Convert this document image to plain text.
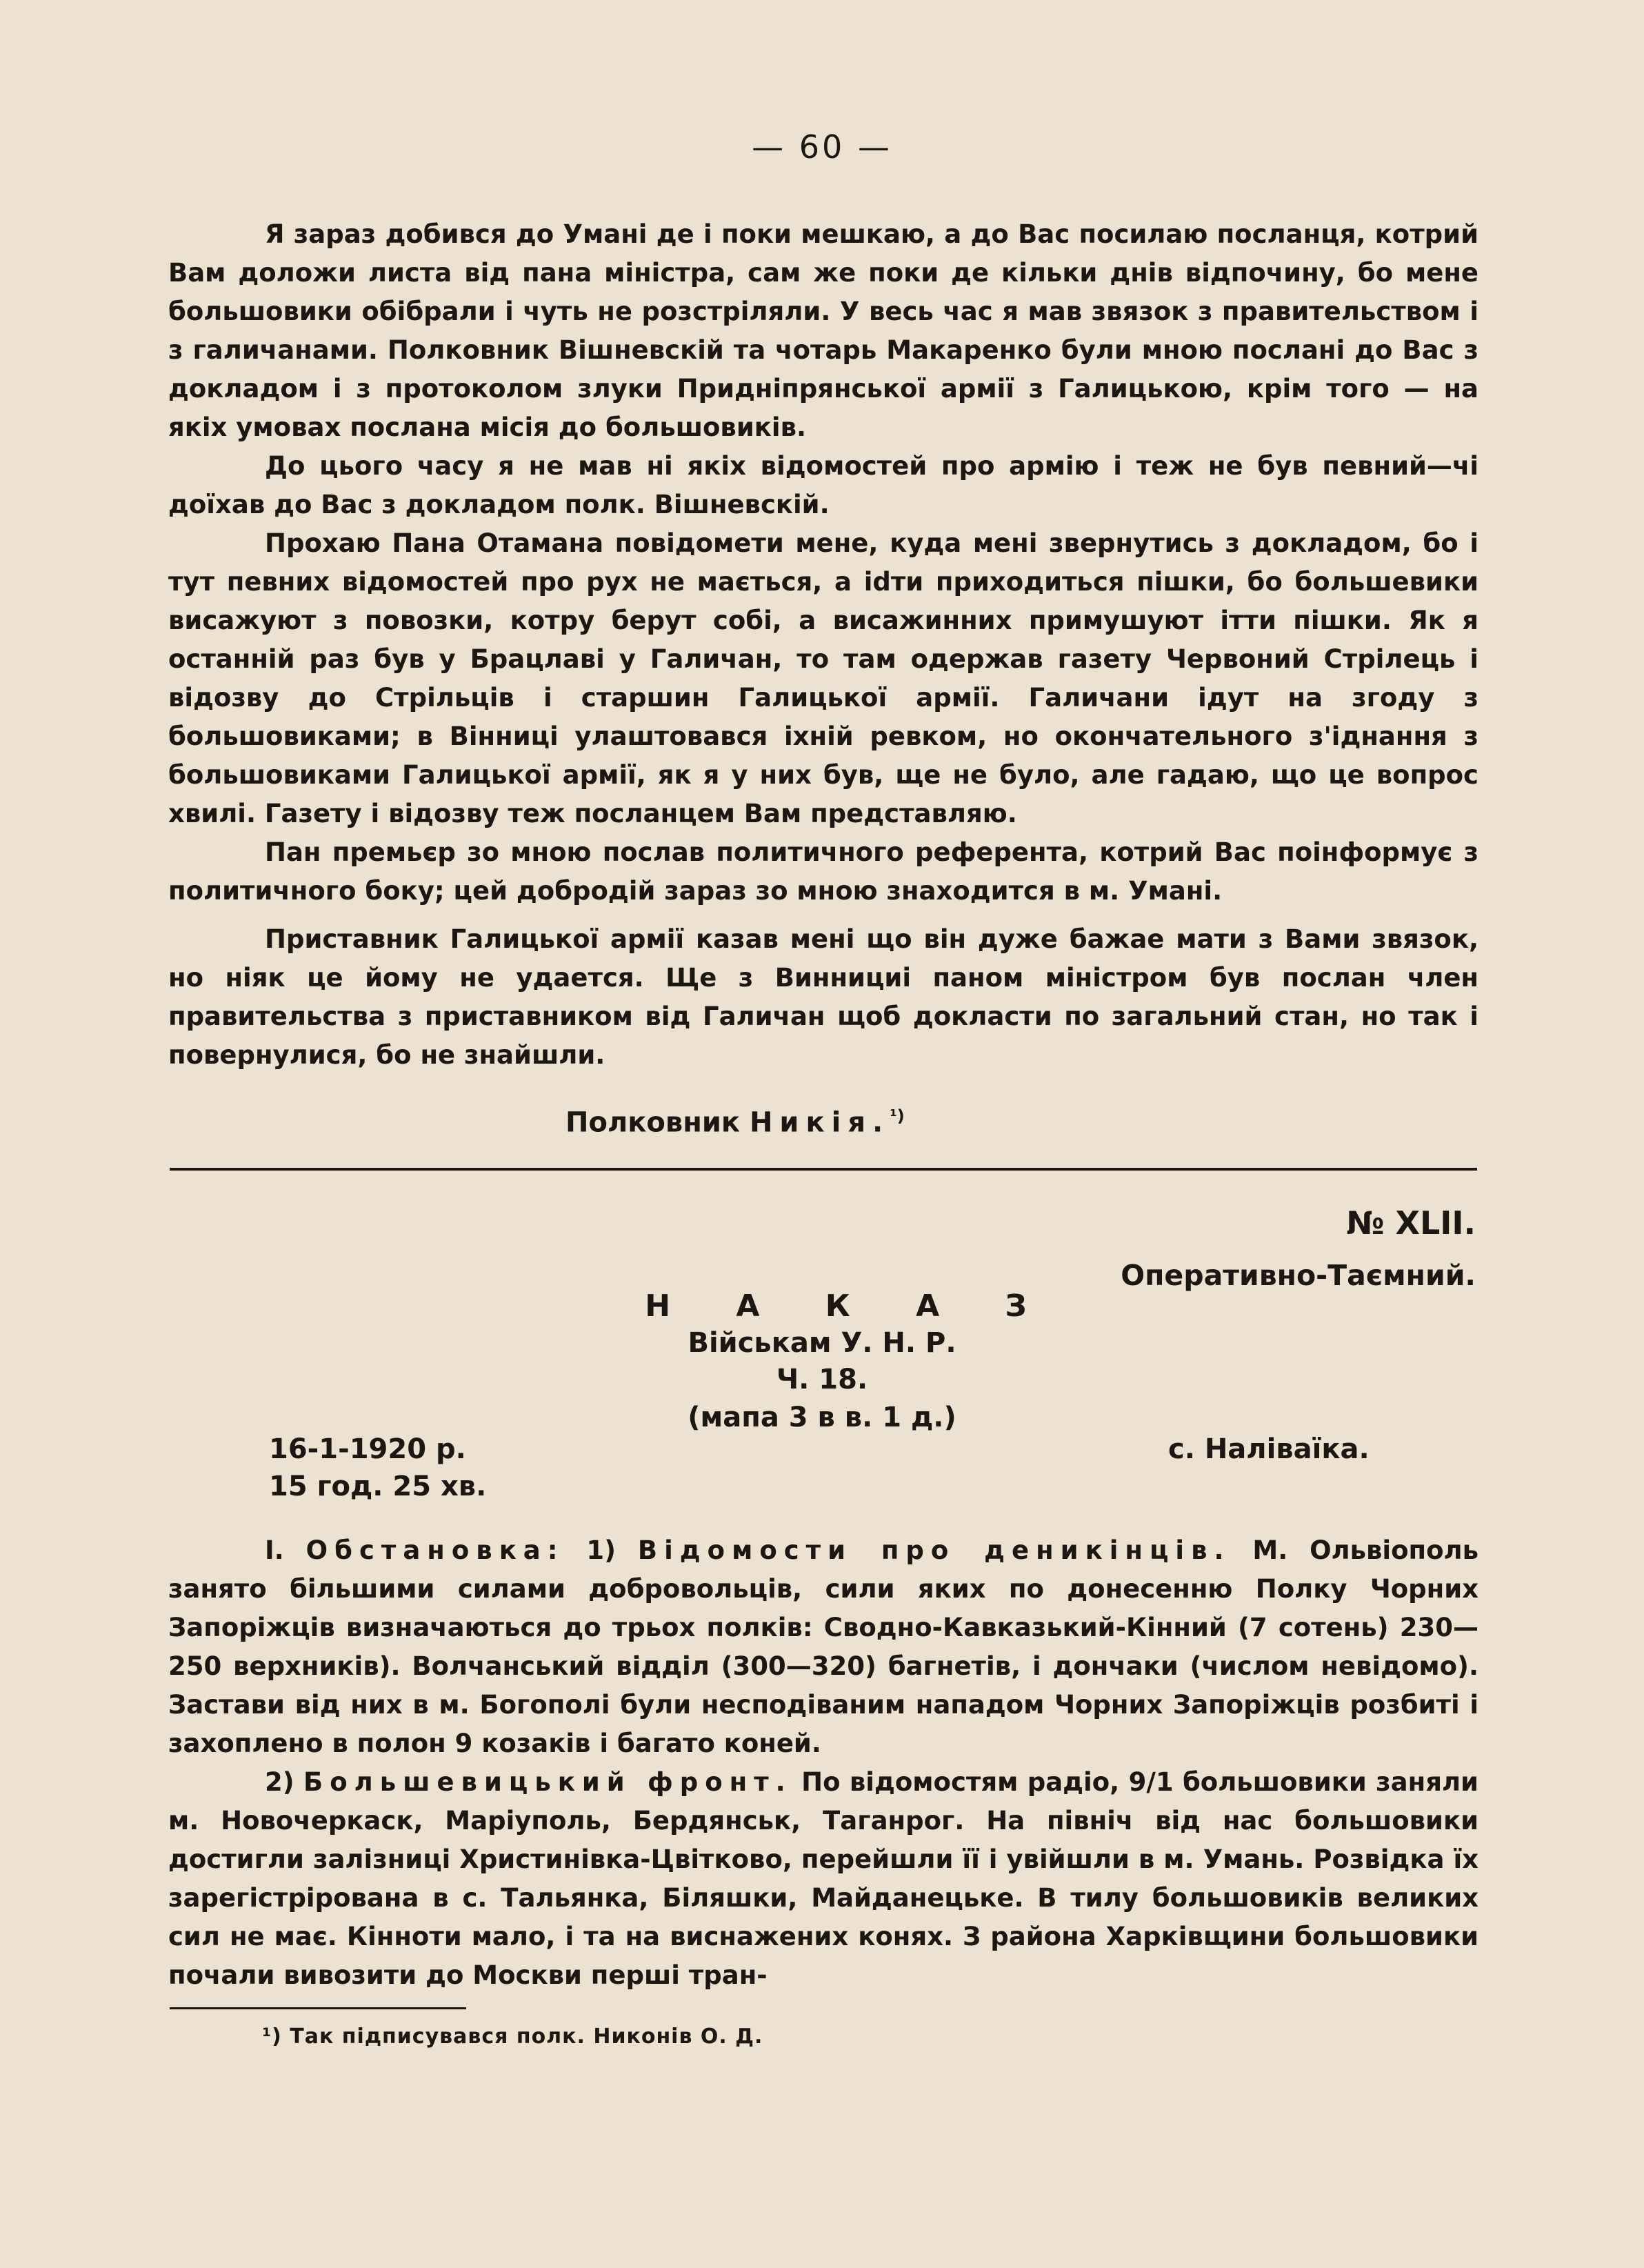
— 60 —

Я зараз добився до Умані де і поки мешкаю, а до Вас посилаю посланця, котрий Вам доложи листа від пана міністра, сам же поки де кільки днів відпочину, бо мене большовики обібрали і чуть не розстріляли. У весь час я мав звязок з правительством і з галичанами. Полковник Вішневскій та чотарь Макаренко були мною послані до Вас з докладом і з протоколом злуки Придніпрянської армії з Галицькою, крім того — на якіх умовах послана місія до большовиків.

До цього часу я не мав ні якіх відомостей про армію і теж не був певний—чі доїхав до Вас з докладом полк. Вішневскій.

Прохаю Пана Отамана повідомети мене, куда мені звернутись з докладом, бо і тут певних відомостей про рух не мається, а іdти приходиться пішки, бо большевики висажуют з повозки, котру берут собі, а висажинних примушуют ітти пішки. Як я останній раз був у Брацлаві у Галичан, то там одержав газету Червоний Стрілець і відозву до Стрільців і старшин Галицької армії. Галичани ідут на згоду з большовиками; в Вінниці улаштовався іхній ревком, но окончательного з'іднання з большовиками Галицької армії, як я у них був, ще не було, але гадаю, що це вопрос хвилі. Газету і відозву теж посланцем Вам представляю.

Пан премьєр зо мною послав политичного референта, котрий Вас поінформує з политичного боку; цей добродій зараз зо мною знаходится в м. Умані.

Приставник Галицької армії казав мені що він дуже бажае мати з Вами звязок, но ніяк це йому не удается. Ще з Виннициі паном міністром був послан член правительства з приставником від Галичан щоб докласти по загальний стан, но так і повернулися, бо не знайшли.

Полковник Никія.$^{^1)}$
№ XLII.
Оперативно-Таємний.
Н А К А З
Військам У. Н. Р.
Ч. 18.
(мапа 3 в в. 1 д.)
16-1-1920 р.
15 год. 25 хв.
с. Наліваїка.

I. Обстановка: 1) Відомости про деникінців. М. Ольвіополь занято більшими силами добровольців, сили яких по донесенню Полку Чорних Запоріжців визначаються до трьох полків: Сводно-Кавказький-Кінний (7 сотень) 230—250 верхників). Волчанський відділ (300—320) багнетів, і дончаки (числом невідомо). Застави від них в м. Богополі були несподіваним нападом Чорних Запоріжців розбиті і захоплено в полон 9 козаків і багато коней.

2) Большевицький фронт. По відомостям радіо, 9/1 большовики заняли м. Новочеркаск, Маріуполь, Бердянськ, Таганрог. На північ від нас большовики достигли залізниці Христинівка-Цвітково, перейшли її і увійшли в м. Умань. Розвідка їх зарегістрірована в с. Тальянка, Біляшки, Майданецьке. В тилу большовиків великих сил не має. Кінноти мало, і та на виснажених конях. З района Харківщини большовики почали вивозити до Москви перші тран-

¹) Так підписувався полк. Никонів О. Д.
